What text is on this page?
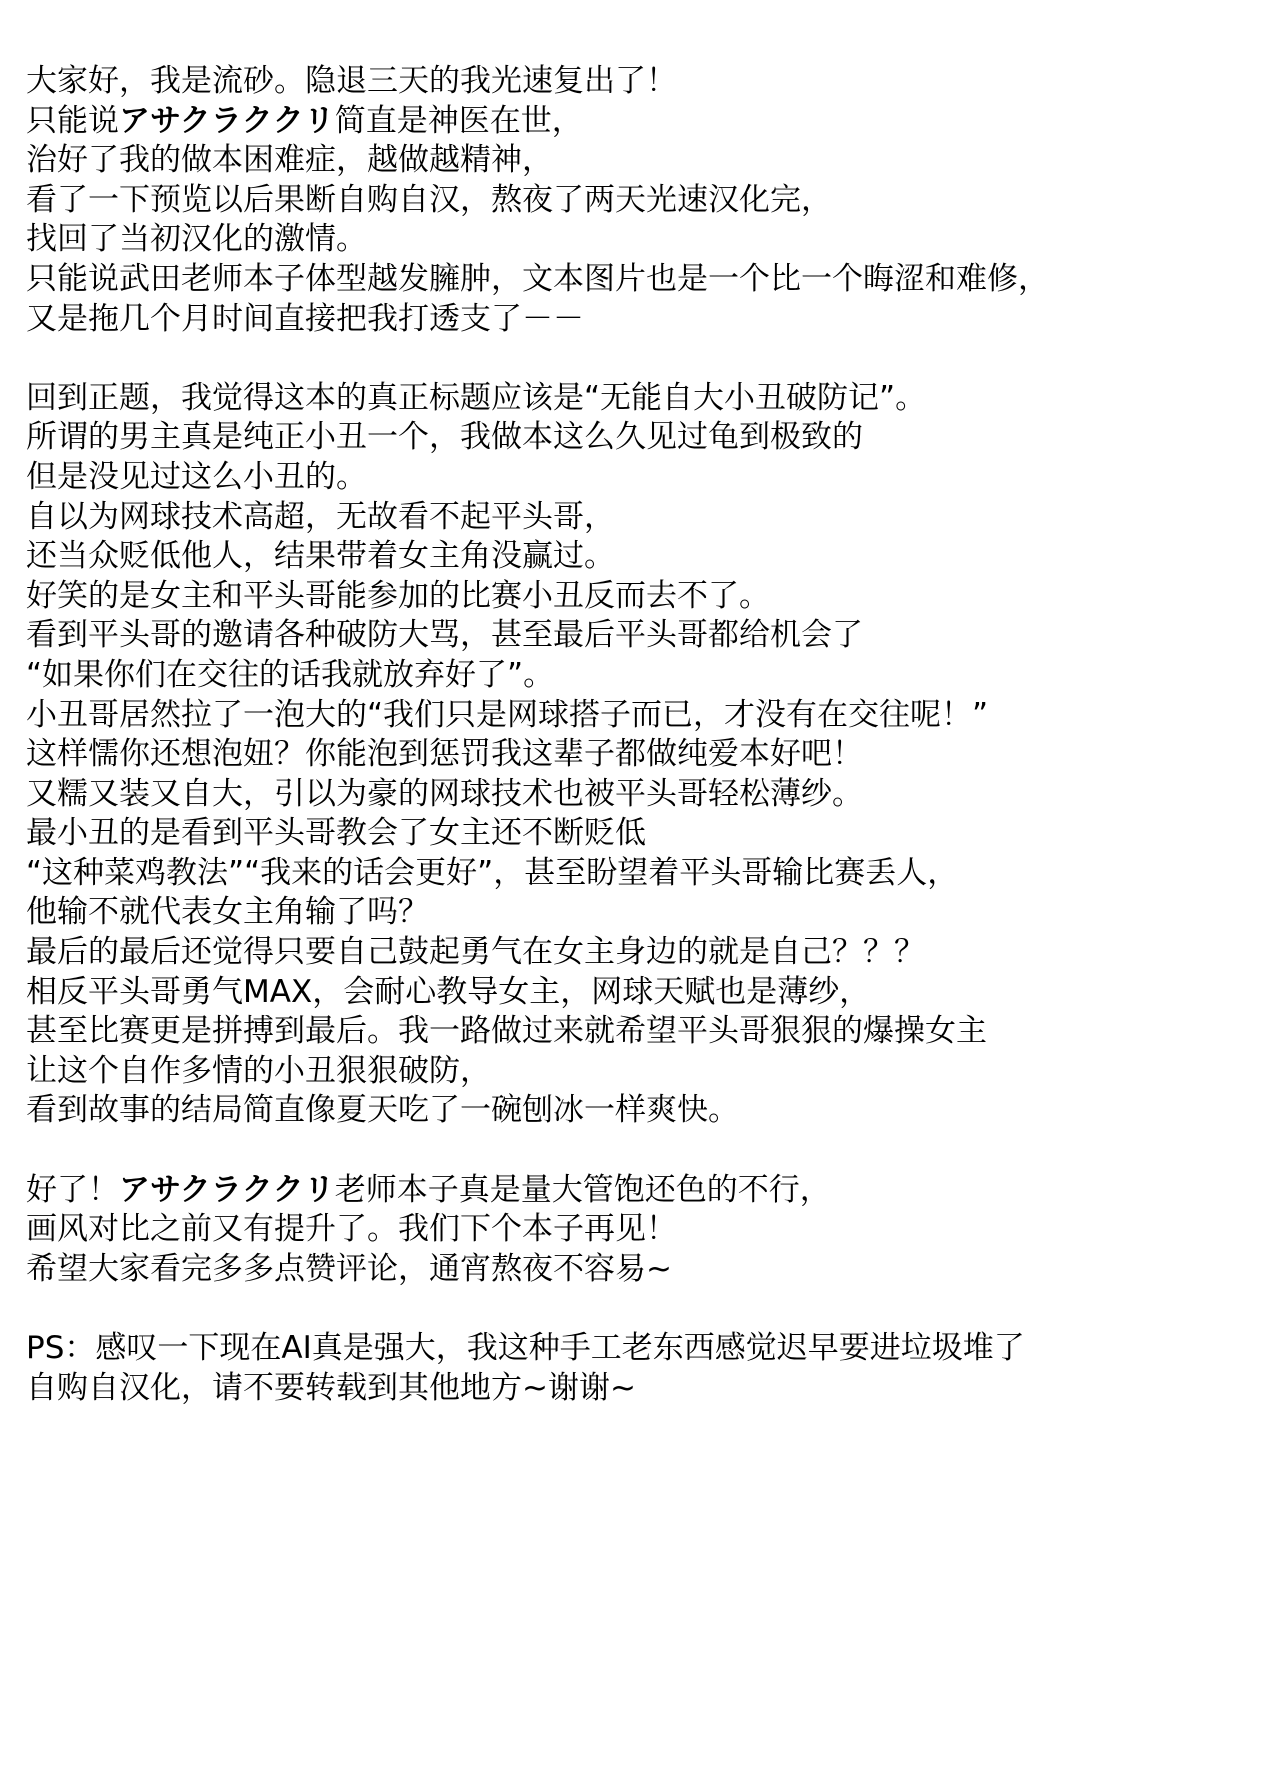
大家好，我是流砂。隐退三天的我光速复出了！
只能说アサクラククリ简直是神医在世，
治好了我的做本困难症，越做越精神，
看了一下预览以后果断自购自汉，熬夜了两天光速汉化完，
找回了当初汉化的激情。
只能说武田老师本子体型越发臃肿，文本图片也是一个比一个晦涩和难修，
又是拖几个月时间直接把我打透支了－－
回到正题，我觉得这本的真正标题应该是“无能自大小丑破防记”。
所谓的男主真是纯正小丑一个，我做本这么久见过龟到极致的
但是没见过这么小丑的。
自以为网球技术高超，无故看不起平头哥，
还当众贬低他人，结果带着女主角没赢过。
好笑的是女主和平头哥能参加的比赛小丑反而去不了。
看到平头哥的邀请各种破防大骂，甚至最后平头哥都给机会了
“如果你们在交往的话我就放弃好了”。
小丑哥居然拉了一泡大的“我们只是网球搭子而已，才没有在交往呢！”
这样懦你还想泡妞？你能泡到惩罚我这辈子都做纯爱本好吧！
又糯又装又自大，引以为豪的网球技术也被平头哥轻松薄纱。
最小丑的是看到平头哥教会了女主还不断贬低
“这种菜鸡教法”“我来的话会更好”，甚至盼望着平头哥输比赛丢人，
他输不就代表女主角输了吗？
最后的最后还觉得只要自己鼓起勇气在女主身边的就是自己？？？
相反平头哥勇气MAX，会耐心教导女主，网球天赋也是薄纱，
甚至比赛更是拼搏到最后。我一路做过来就希望平头哥狠狠的爆操女主
让这个自作多情的小丑狠狠破防，
看到故事的结局简直像夏天吃了一碗刨冰一样爽快。
好了！アサクラククリ老师本子真是量大管饱还色的不行，
画风对比之前又有提升了。我们下个本子再见！
希望大家看完多多点赞评论，通宵熬夜不容易~
PS：感叹一下现在AI真是强大，我这种手工老东西感觉迟早要进垃圾堆了
自购自汉化，请不要转载到其他地方~谢谢~
